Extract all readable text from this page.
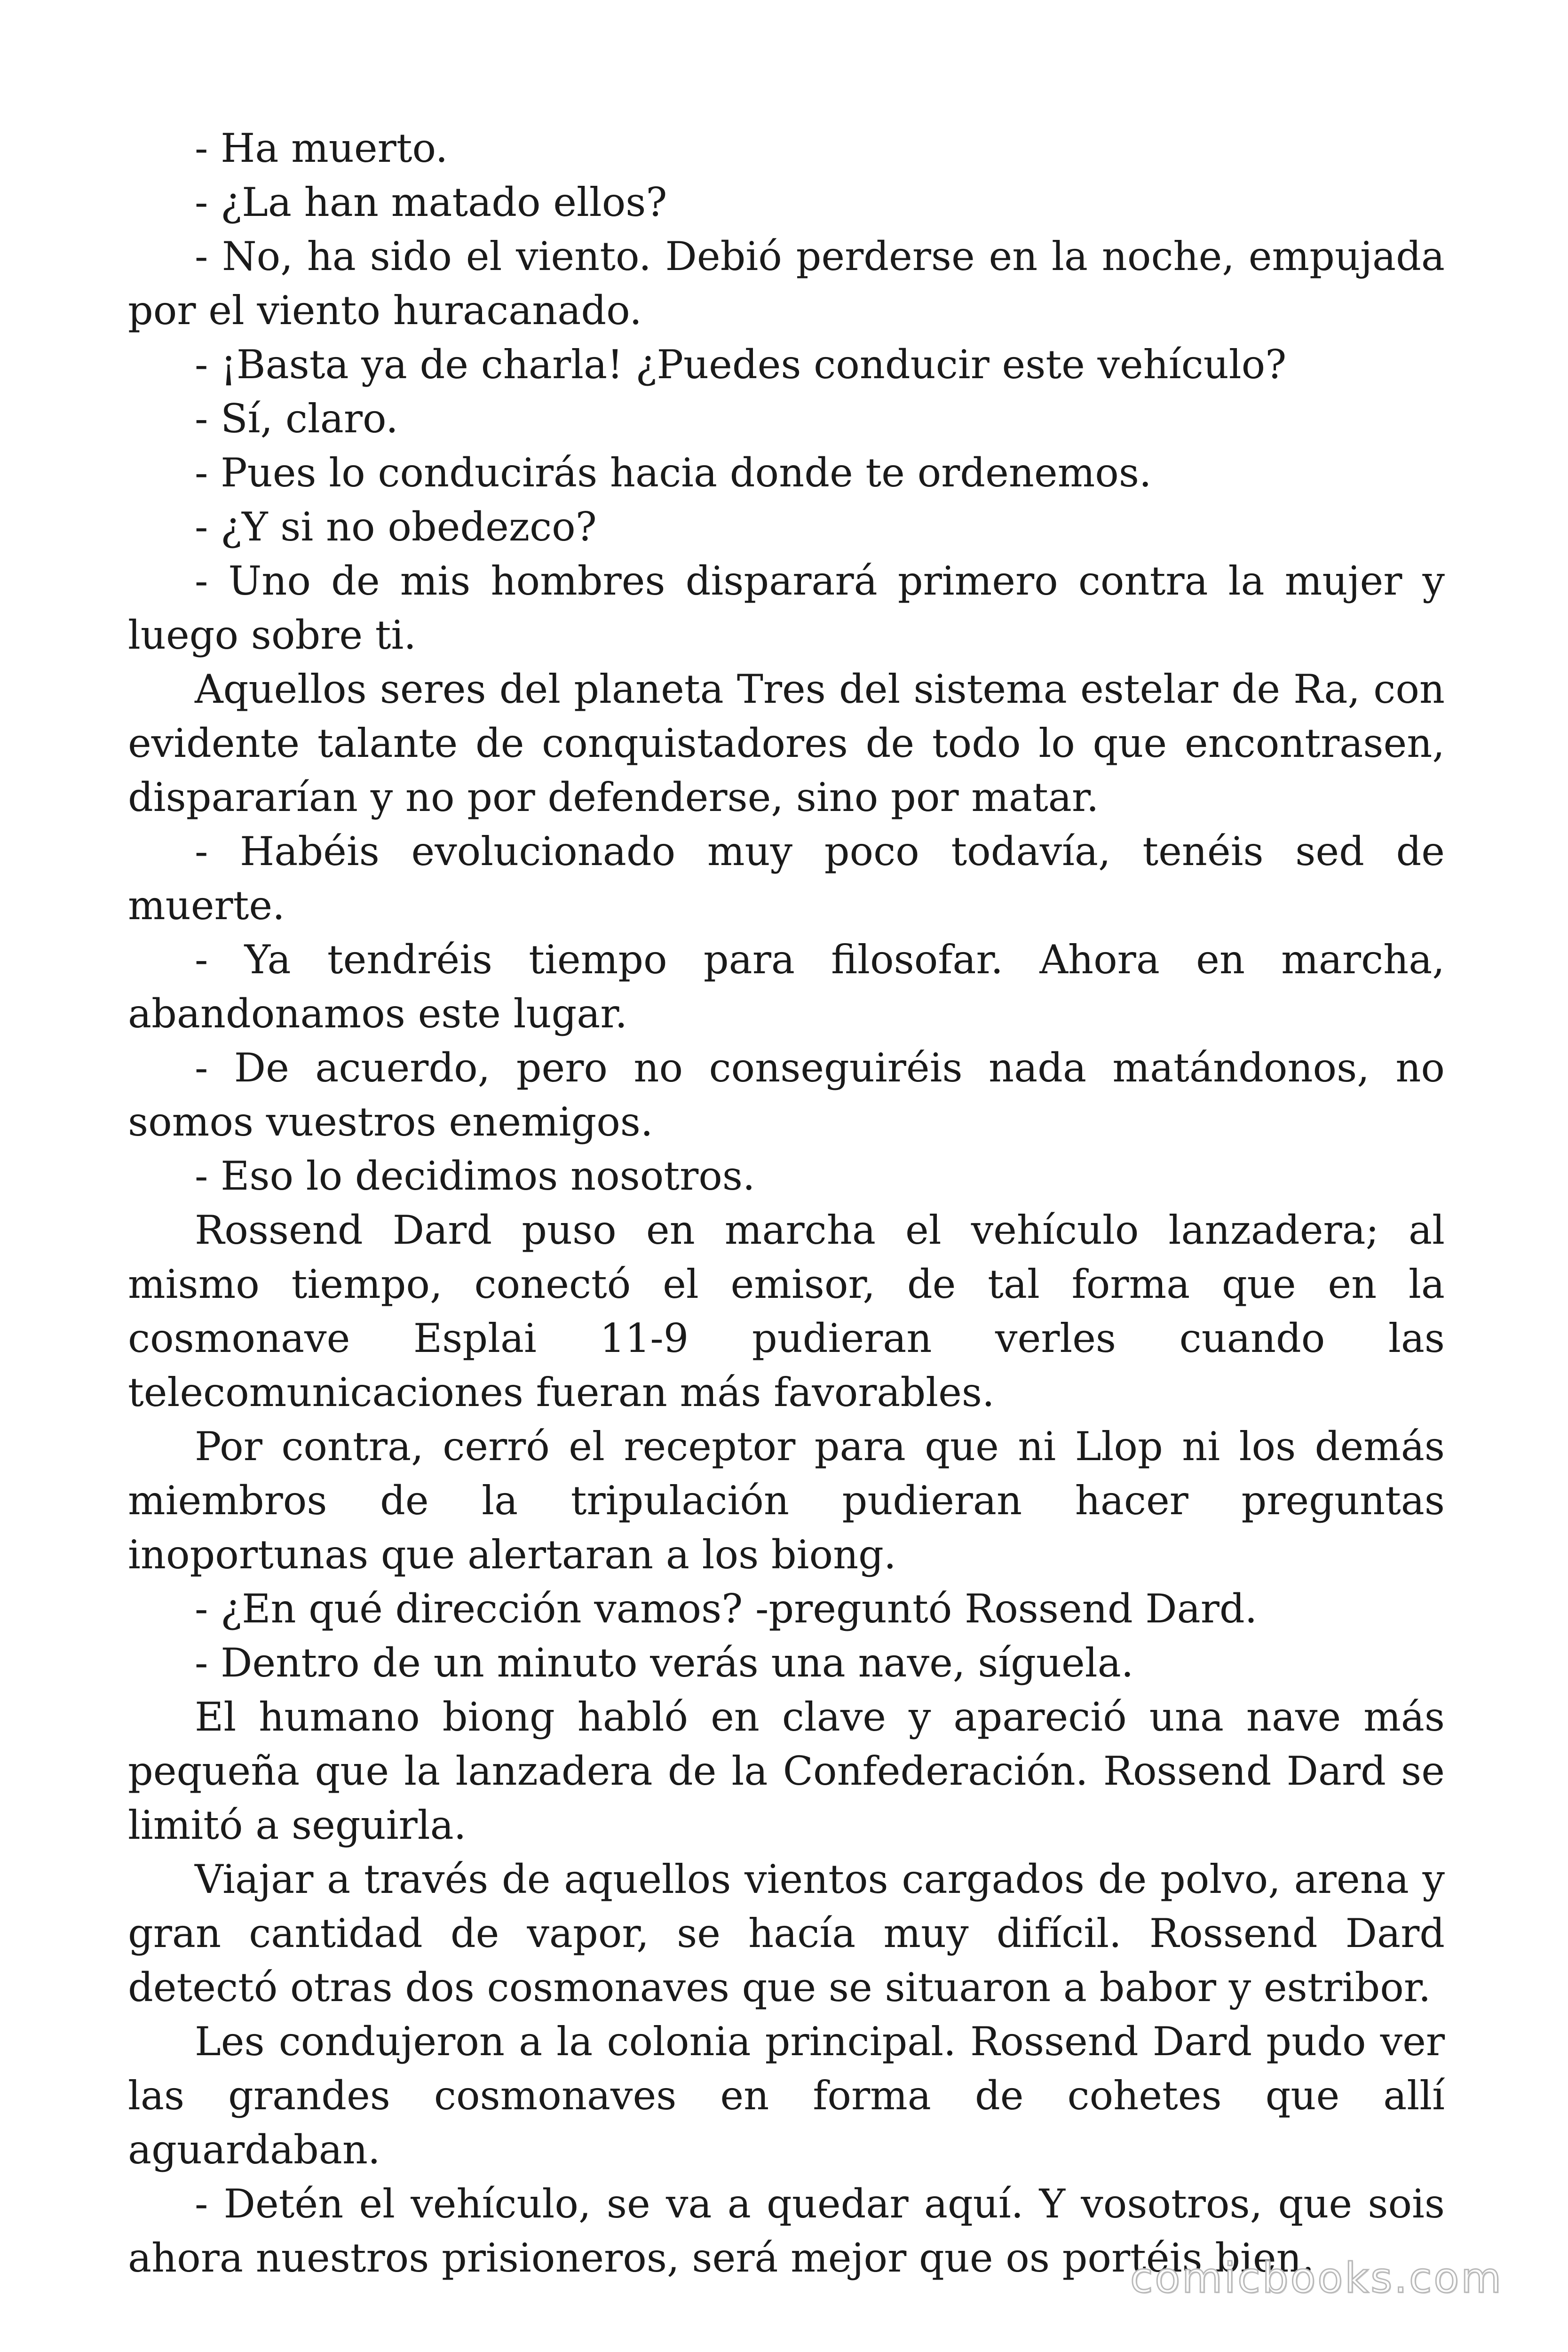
- Ha muerto.

- ¿La han matado ellos?

- No, ha sido el viento. Debió perderse en la noche, empujada por el viento huracanado.

- ¡Basta ya de charla! ¿Puedes conducir este vehículo?

- Sí, claro.

- Pues lo conducirás hacia donde te ordenemos.

- ¿Y si no obedezco?

- Uno de mis hombres disparará primero contra la mujer y luego sobre ti.

Aquellos seres del planeta Tres del sistema estelar de Ra, con evidente talante de conquistadores de todo lo que encontrasen, dispararían y no por defenderse, sino por matar.

- Habéis evolucionado muy poco todavía, tenéis sed de muerte.

- Ya tendréis tiempo para filosofar. Ahora en marcha, abandonamos este lugar.

- De acuerdo, pero no conseguiréis nada matándonos, no somos vuestros enemigos.

- Eso lo decidimos nosotros.

Rossend Dard puso en marcha el vehículo lanzadera; al mismo tiempo, conectó el emisor, de tal forma que en la cosmonave Esplai 11-9 pudieran verles cuando las telecomunicaciones fueran más favorables.

Por contra, cerró el receptor para que ni Llop ni los demás miembros de la tripulación pudieran hacer preguntas inoportunas que alertaran a los biong.

- ¿En qué dirección vamos? -preguntó Rossend Dard.

- Dentro de un minuto verás una nave, síguela.

El humano biong habló en clave y apareció una nave más pequeña que la lanzadera de la Confederación. Rossend Dard se limitó a seguirla.

Viajar a través de aquellos vientos cargados de polvo, arena y gran cantidad de vapor, se hacía muy difícil. Rossend Dard detectó otras dos cosmonaves que se situaron a babor y estribor.

Les condujeron a la colonia principal. Rossend Dard pudo ver las grandes cosmonaves en forma de cohetes que allí aguardaban.

- Detén el vehículo, se va a quedar aquí. Y vosotros, que sois ahora nuestros prisioneros, será mejor que os portéis bien.

comicbooks.com
